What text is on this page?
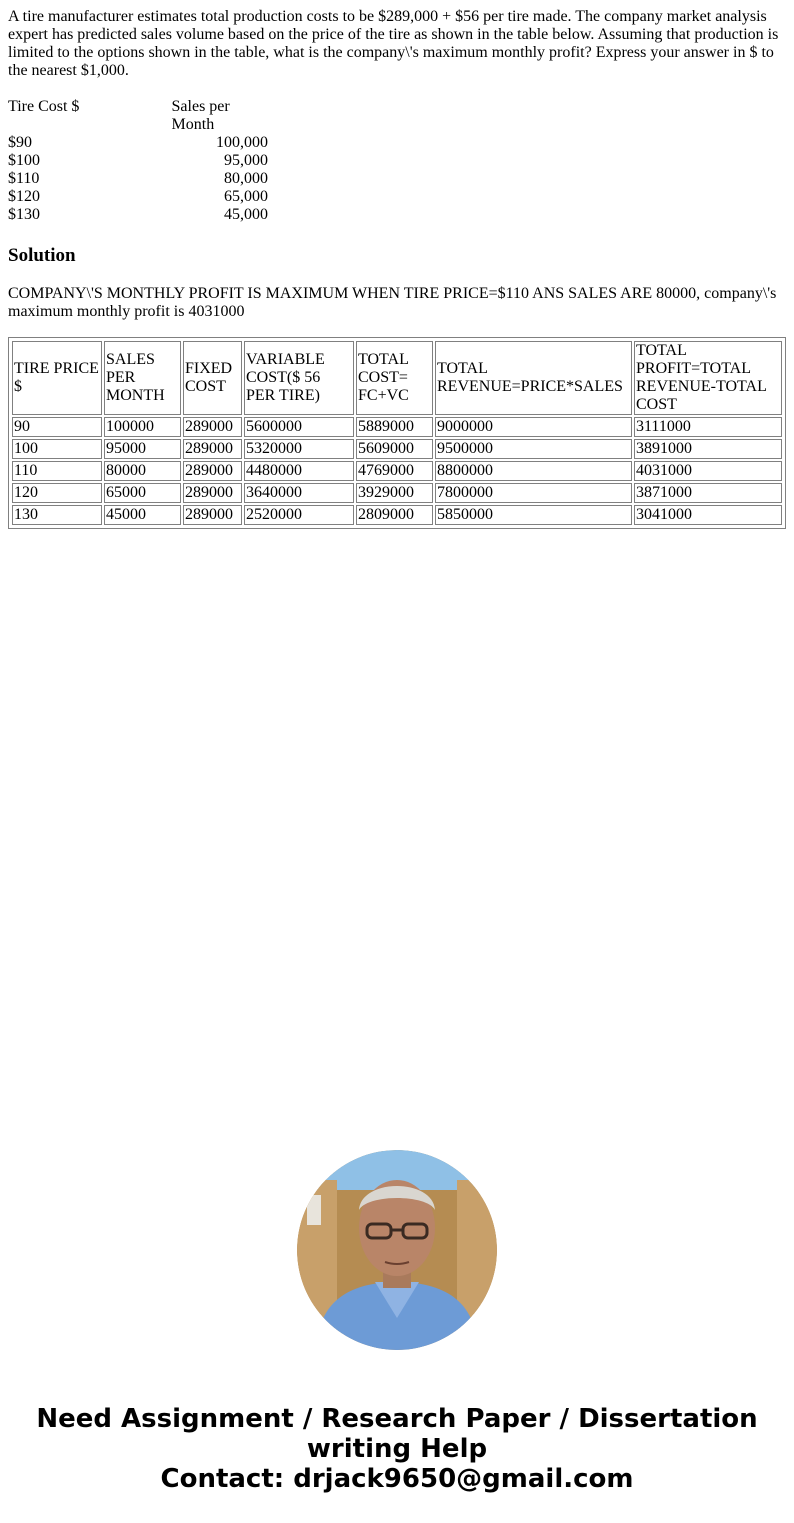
A tire manufacturer estimates total production costs to be $289,000 + $56 per tire made. The company market analysis expert has predicted sales volume based on the price of the tire as shown in the table below. Assuming that production is limited to the options shown in the table, what is the company\'s maximum monthly profit? Express your answer in $ to the nearest $1,000.

Tire Cost $	Sales per Month
$90	100,000
$100	95,000
$110	80,000
$120	65,000
$130	45,000
Solution

COMPANY\'S MONTHLY PROFIT IS MAXIMUM WHEN TIRE PRICE=$110 ANS SALES ARE 80000, company\'s maximum monthly profit is 4031000

TIRE PRICE $	SALES PER MONTH	FIXED COST	VARIABLE COST($ 56 PER TIRE)	TOTAL COST= FC+VC	TOTAL REVENUE=PRICE*SALES	TOTAL PROFIT=TOTAL REVENUE-TOTAL COST
90	100000	289000	5600000	5889000	9000000	3111000
100	95000	289000	5320000	5609000	9500000	3891000
110	80000	289000	4480000	4769000	8800000	4031000
120	65000	289000	3640000	3929000	7800000	3871000
130	45000	289000	2520000	2809000	5850000	3041000

Need Assignment / Research Paper / Dissertation

writing Help

Contact: drjack9650@gmail.com
